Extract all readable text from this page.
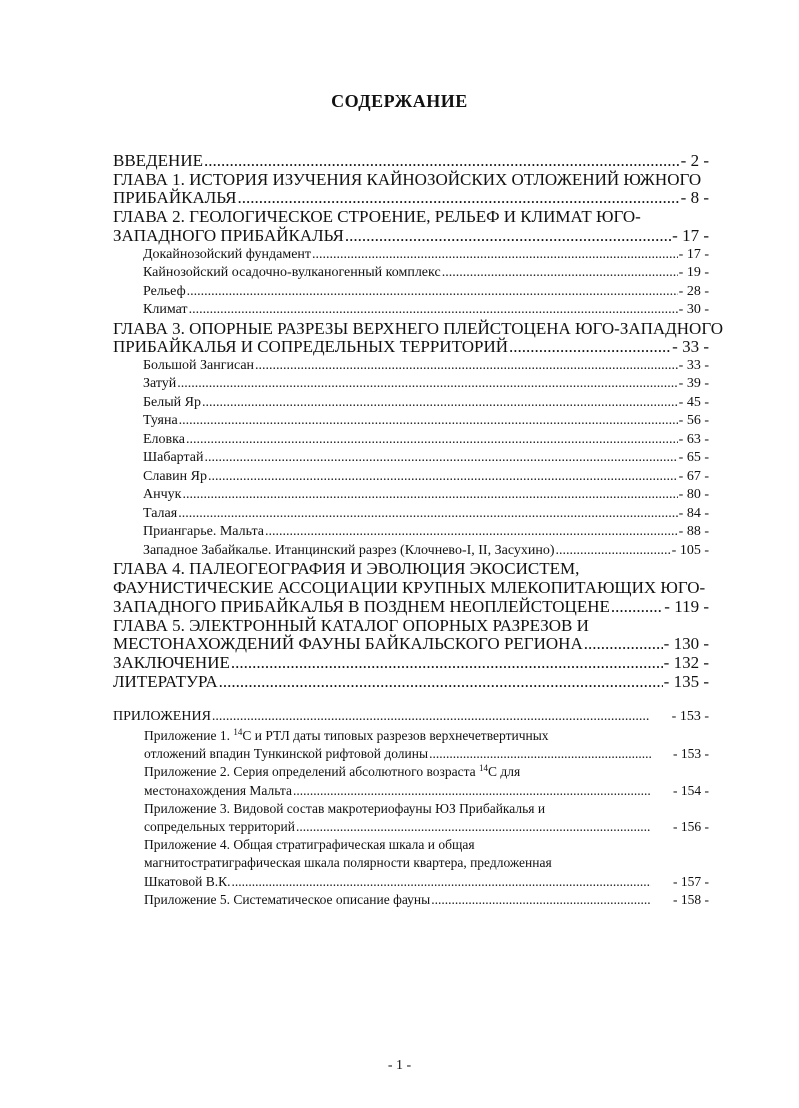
СОДЕРЖАНИЕ
ВВЕДЕНИЕ .....	- 2 -
ГЛАВА 1. ИСТОРИЯ ИЗУЧЕНИЯ КАЙНОЗОЙСКИХ ОТЛОЖЕНИЙ ЮЖНОГО
ПРИБАЙКАЛЬЯ .....	- 8 -
ГЛАВА 2. ГЕОЛОГИЧЕСКОЕ СТРОЕНИЕ, РЕЛЬЕФ И КЛИМАТ ЮГО-
ЗАПАДНОГО ПРИБАЙКАЛЬЯ .....	- 17 -
Докайнозойский фундамент .....	- 17 -
Кайнозойский осадочно-вулканогенный комплекс .....	- 19 -
Рельеф .....	- 28 -
Климат .....	- 30 -
ГЛАВА 3. ОПОРНЫЕ РАЗРЕЗЫ ВЕРХНЕГО ПЛЕЙСТОЦЕНА ЮГО-ЗАПАДНОГО
ПРИБАЙКАЛЬЯ И СОПРЕДЕЛЬНЫХ ТЕРРИТОРИЙ .....	- 33 -
Большой Зангисан .....	- 33 -
Затуй .....	- 39 -
Белый Яр .....	- 45 -
Туяна .....	- 56 -
Еловка .....	- 63 -
Шабартай .....	- 65 -
Славин Яр .....	- 67 -
Анчук .....	- 80 -
Талая .....	- 84 -
Приангарье. Мальта .....	- 88 -
Западное Забайкалье. Итанцинский разрез (Клочнево-I, II, Засухино) .....	- 105 -
ГЛАВА 4. ПАЛЕОГЕОГРАФИЯ И ЭВОЛЮЦИЯ ЭКОСИСТЕМ,
ФАУНИСТИЧЕСКИЕ АССОЦИАЦИИ КРУПНЫХ МЛЕКОПИТАЮЩИХ ЮГО-
ЗАПАДНОГО ПРИБАЙКАЛЬЯ В ПОЗДНЕМ НЕОПЛЕЙСТОЦЕНЕ .....	- 119 -
ГЛАВА 5. ЭЛЕКТРОННЫЙ КАТАЛОГ ОПОРНЫХ РАЗРЕЗОВ И
МЕСТОНАХОЖДЕНИЙ ФАУНЫ БАЙКАЛЬСКОГО РЕГИОНА .....	- 130 -
ЗАКЛЮЧЕНИЕ .....	- 132 -
ЛИТЕРАТУРА .....	- 135 -
ПРИЛОЖЕНИЯ .....	- 153 -
Приложение 1. $^{14}$С и РТЛ даты типовых разрезов верхнечетвертичных
отложений впадин Тункинской рифтовой долины .....	- 153 -
Приложение 2. Серия определений абсолютного возраста $^{14}$С для
местонахождения Мальта .....	- 154 -
Приложение 3. Видовой состав макротериофауны ЮЗ Прибайкалья и
сопредельных территорий .....	- 156 -
Приложение 4. Общая стратиграфическая шкала и общая
магнитостратиграфическая шкала полярности квартера, предложенная
Шкатовой В.К. .....	- 157 -
Приложение 5. Систематическое описание фауны .....	- 158 -
- 1 -
